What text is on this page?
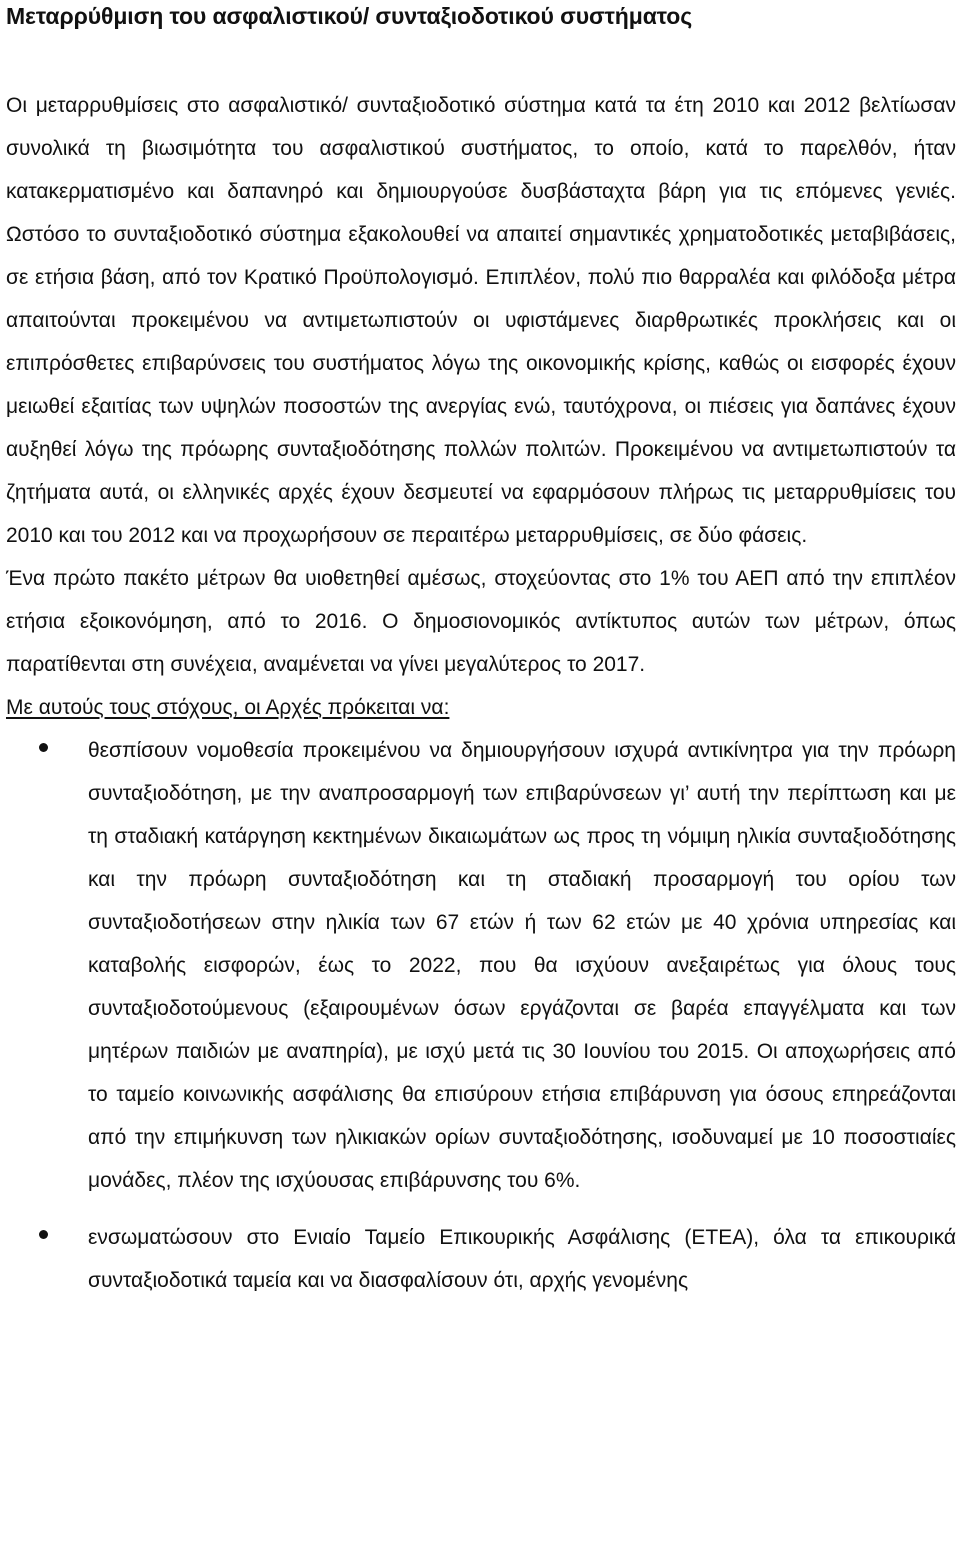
Μεταρρύθμιση του ασφαλιστικού/ συνταξιοδοτικού συστήματος

Οι μεταρρυθμίσεις στο ασφαλιστικό/ συνταξιοδοτικό σύστημα κατά τα έτη 2010 και 2012 βελτίωσαν συνολικά τη βιωσιμότητα του ασφαλιστικού συστήματος, το οποίο, κατά το παρελθόν, ήταν κατακερματισμένο και δαπανηρό και δημιουργούσε δυσβάσταχτα βάρη για τις επόμενες γενιές. Ωστόσο το συνταξιοδοτικό σύστημα εξακολουθεί να απαιτεί σημαντικές χρηματοδοτικές μεταβιβάσεις, σε ετήσια βάση, από τον Κρατικό Προϋπολογισμό. Επιπλέον, πολύ πιο θαρραλέα και φιλόδοξα μέτρα απαιτούνται προκειμένου να αντιμετωπιστούν οι υφιστάμενες διαρθρωτικές προκλήσεις και οι επιπρόσθετες επιβαρύνσεις του συστήματος λόγω της οικονομικής κρίσης, καθώς οι εισφορές έχουν μειωθεί εξαιτίας των υψηλών ποσοστών της ανεργίας ενώ, ταυτόχρονα, οι πιέσεις για δαπάνες έχουν αυξηθεί λόγω της πρόωρης συνταξιοδότησης πολλών πολιτών. Προκειμένου να αντιμετωπιστούν τα ζητήματα αυτά, οι ελληνικές αρχές έχουν δεσμευτεί να εφαρμόσουν πλήρως τις μεταρρυθμίσεις του 2010 και του 2012 και να προχωρήσουν σε περαιτέρω μεταρρυθμίσεις, σε δύο φάσεις.

Ένα πρώτο πακέτο μέτρων θα υιοθετηθεί αμέσως, στοχεύοντας στο 1% του ΑΕΠ από την επιπλέον ετήσια εξοικονόμηση, από το 2016. Ο δημοσιονομικός αντίκτυπος αυτών των μέτρων, όπως παρατίθενται στη συνέχεια, αναμένεται να γίνει μεγαλύτερος το 2017.

Με αυτούς τους στόχους, οι Αρχές πρόκειται να:

θεσπίσουν νομοθεσία προκειμένου να δημιουργήσουν ισχυρά αντικίνητρα για την πρόωρη συνταξιοδότηση, με την αναπροσαρμογή των επιβαρύνσεων γι’ αυτή την περίπτωση και με τη σταδιακή κατάργηση κεκτημένων δικαιωμάτων ως προς τη νόμιμη ηλικία συνταξιοδότησης και την πρόωρη συνταξιοδότηση και τη σταδιακή προσαρμογή του ορίου των συνταξιοδοτήσεων στην ηλικία των 67 ετών ή των 62 ετών με 40 χρόνια υπηρεσίας και καταβολής εισφορών, έως το 2022, που θα ισχύουν ανεξαιρέτως για όλους τους συνταξιοδοτούμενους (εξαιρουμένων όσων εργάζονται σε βαρέα επαγγέλματα και των μητέρων παιδιών με αναπηρία), με ισχύ μετά τις 30 Ιουνίου του 2015. Οι αποχωρήσεις από το ταμείο κοινωνικής ασφάλισης θα επισύρουν ετήσια επιβάρυνση για όσους επηρεάζονται από την επιμήκυνση των ηλικιακών ορίων συνταξιοδότησης, ισοδυναμεί με 10 ποσοστιαίες μονάδες, πλέον της ισχύουσας επιβάρυνσης του 6%.
ενσωματώσουν στο Ενιαίο Ταμείο Επικουρικής Ασφάλισης (ΕΤΕΑ), όλα τα επικουρικά συνταξιοδοτικά ταμεία και να διασφαλίσουν ότι, αρχής γενομένης
